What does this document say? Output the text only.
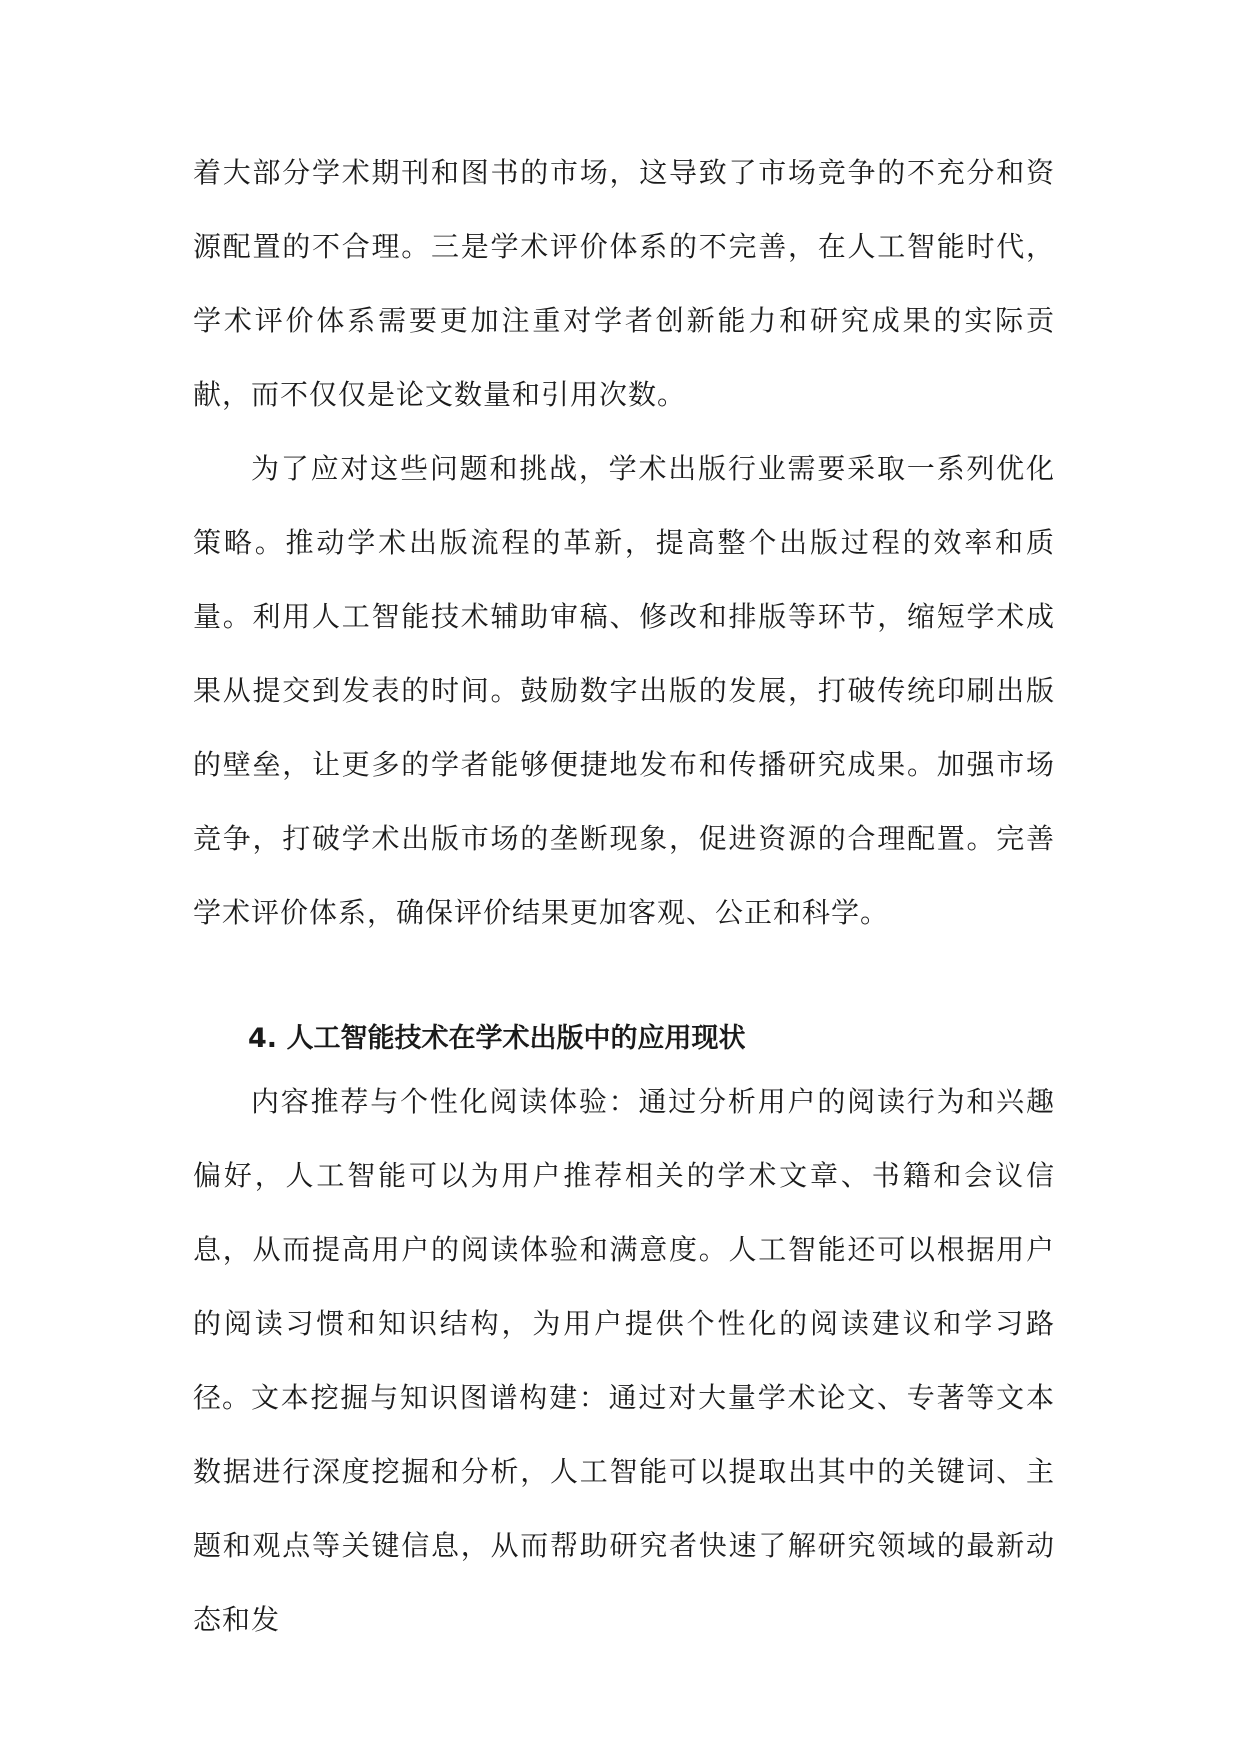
着大部分学术期刊和图书的市场，这导致了市场竞争的不充分和资源配置的不合理。三是学术评价体系的不完善，在人工智能时代，学术评价体系需要更加注重对学者创新能力和研究成果的实际贡献，而不仅仅是论文数量和引用次数。

为了应对这些问题和挑战，学术出版行业需要采取一系列优化策略。推动学术出版流程的革新，提高整个出版过程的效率和质量。利用人工智能技术辅助审稿、修改和排版等环节，缩短学术成果从提交到发表的时间。鼓励数字出版的发展，打破传统印刷出版的壁垒，让更多的学者能够便捷地发布和传播研究成果。加强市场竞争，打破学术出版市场的垄断现象，促进资源的合理配置。完善学术评价体系，确保评价结果更加客观、公正和科学。

4. 人工智能技术在学术出版中的应用现状

内容推荐与个性化阅读体验：通过分析用户的阅读行为和兴趣偏好，人工智能可以为用户推荐相关的学术文章、书籍和会议信息，从而提高用户的阅读体验和满意度。人工智能还可以根据用户的阅读习惯和知识结构，为用户提供个性化的阅读建议和学习路径。 文本挖掘与知识图谱构建：通过对大量学术论文、专著等文本数据进行深度挖掘和分析，人工智能可以提取出其中的关键词、主题和观点等关键信息，从而帮助研究者快速了解研究领域的最新动态和发
